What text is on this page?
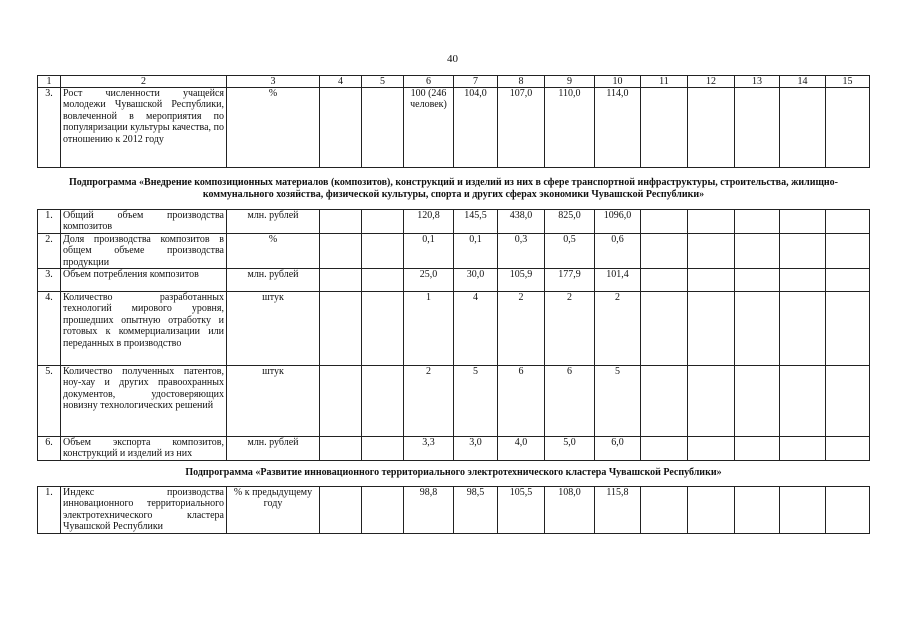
40
1	2	3	4	5	6	7	8	9	10	11	12	13	14	15
3.	Рост численности учащейся молодежи Чувашской Республики, вовлеченной в мероприятия по популяризации культуры качества, по отношению к 2012 году	%			100 (246 человек)	104,0	107,0	110,0	114,0					
Подпрограмма «Внедрение композиционных материалов (композитов), конструкций и изделий из них в сфере транспортной инфраструктуры, строительства, жилищно-коммунального хозяйства, физической культуры, спорта и других сферах экономики Чувашской Республики»														
1.	Общий объем производства композитов	млн. рублей			120,8	145,5	438,0	825,0	1096,0					
2.	Доля производства композитов в общем объеме производства продукции	%			0,1	0,1	0,3	0,5	0,6					
3.	Объем потребления композитов	млн. рублей			25,0	30,0	105,9	177,9	101,4					
4.	Количество разработанных технологий мирового уровня, прошедших опытную отработку и готовых к коммерциализации или переданных в производство	штук			1	4	2	2	2					
5.	Количество полученных патентов, ноу-хау и других правоохранных документов, удостоверяющих новизну технологических решений	штук			2	5	6	6	5					
6.	Объем экспорта композитов, конструкций и изделий из них	млн. рублей			3,3	3,0	4,0	5,0	6,0					
Подпрограмма «Развитие инновационного территориального электротехнического кластера Чувашской Республики»														
1.	Индекс производства инновационного территориального электротехнического кластера Чувашской Республики	% к предыдущему году			98,8	98,5	105,5	108,0	115,8					
